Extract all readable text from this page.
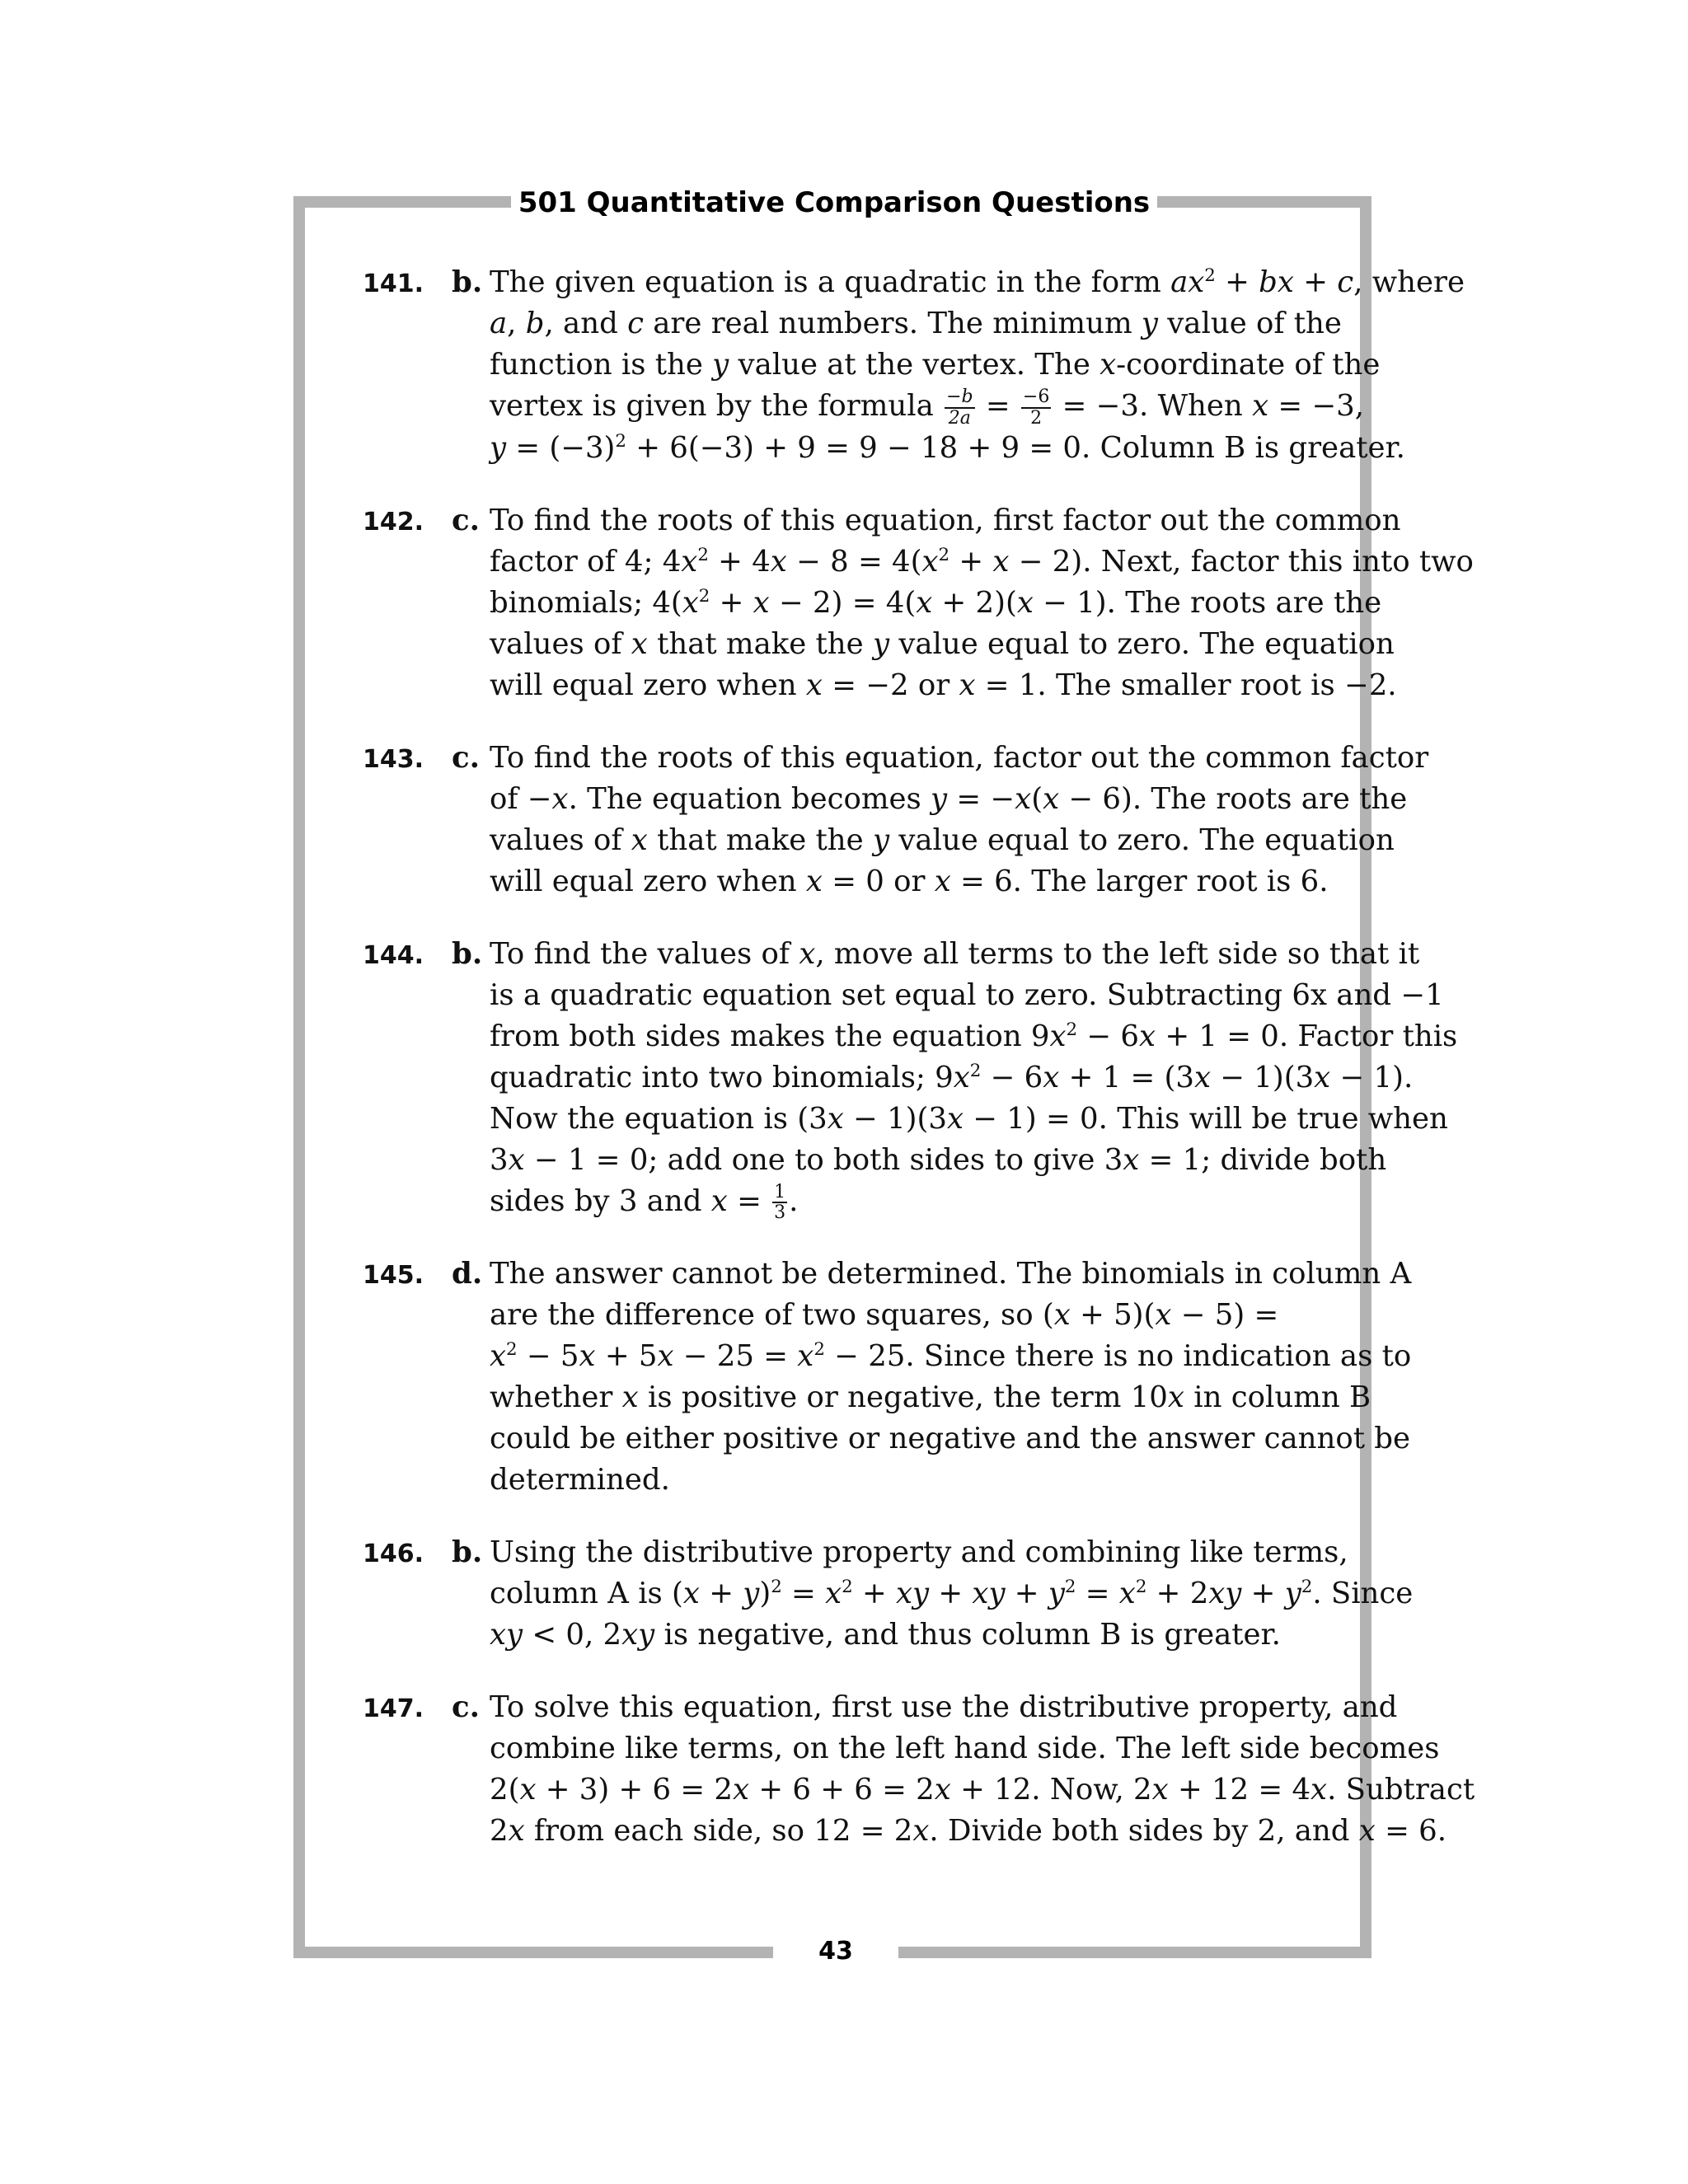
501 Quantitative Comparison Questions
43
141. b. The given equation is a quadratic in the form $ax^2$ + bx + c, where
a, b, and c are real numbers. The minimum y value of the
function is the y value at the vertex. The x-coordinate of the
vertex is given by the formula $\frac{-b}{2a} = \frac{-6}{2} = -3$. When x = −3,
$y = (-3)^2 + 6(-3) + 9 = 9 - 18 + 9 = 0$. Column B is greater.
142. c. To find the roots of this equation, first factor out the common
factor of 4; $4x^2 + 4x - 8 = 4(x^2 + x - 2)$. Next, factor this into two
binomials; $4(x^2 + x - 2) = 4(x + 2)(x - 1)$. The roots are the
values of x that make the y value equal to zero. The equation
will equal zero when x = −2 or x = 1. The smaller root is −2.
143. c. To find the roots of this equation, factor out the common factor
of −x. The equation becomes y = −x(x − 6). The roots are the
values of x that make the y value equal to zero. The equation
will equal zero when x = 0 or x = 6. The larger root is 6.
144. b. To find the values of x, move all terms to the left side so that it
is a quadratic equation set equal to zero. Subtracting 6x and −1
from both sides makes the equation $9x^2 - 6x + 1 = 0$. Factor this
quadratic into two binomials; $9x^2 - 6x + 1 = (3x - 1)(3x - 1)$.
Now the equation is (3x − 1)(3x − 1) = 0. This will be true when
3x − 1 = 0; add one to both sides to give 3x = 1; divide both
sides by 3 and $x = \frac{1}{3}$ .
145. d. The answer cannot be determined. The binomials in column A
are the difference of two squares, so (x + 5)(x − 5) =
$x^2 - 5x + 5x - 25 = x^2 - 25$. Since there is no indication as to
whether x is positive or negative, the term 10x in column B
could be either positive or negative and the answer cannot be
determined.
146. b. Using the distributive property and combining like terms,
column A is $(x + y)^2 = x^2$ + xy + xy + $y^2 = x^2 + 2xy + y^2$. Since
xy < 0, 2xy is negative, and thus column B is greater.
147. c. To solve this equation, first use the distributive property, and
combine like terms, on the left hand side. The left side becomes
2(x + 3) + 6 = 2x + 6 + 6 = 2x + 12. Now, 2x + 12 = 4x. Subtract
2x from each side, so 12 = 2x. Divide both sides by 2, and x = 6.
